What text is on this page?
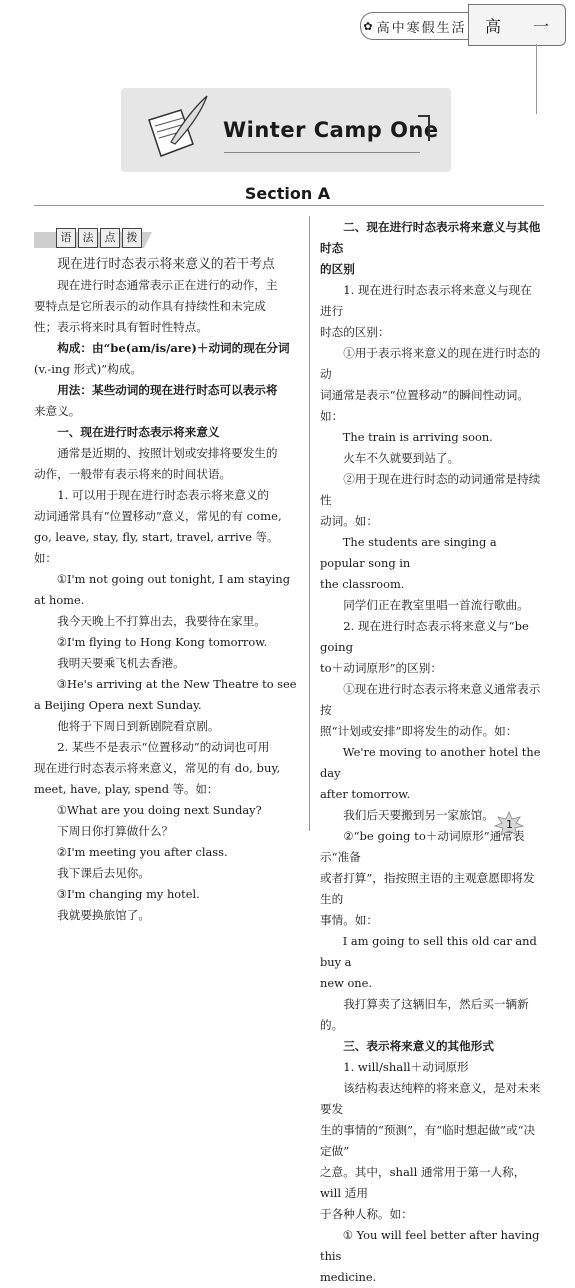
✿ 高中寒假生活 高 一
Winter Camp One
Section A
语	法	点	拨

现在进行时态表示将来意义的若干考点

现在进行时态通常表示正在进行的动作，主

要特点是它所表示的动作具有持续性和未完成

性；表示将来时具有暂时性特点。

构成：由“be(am/is/are)＋动词的现在分词

(v.-ing 形式)”构成。

用法：某些动词的现在进行时态可以表示将

来意义。

一、现在进行时态表示将来意义

通常是近期的、按照计划或安排将要发生的

动作，一般带有表示将来的时间状语。

1. 可以用于现在进行时态表示将来意义的

动词通常具有“位置移动”意义，常见的有 come,

go, leave, stay, fly, start, travel, arrive 等。如：

①I'm not going out tonight, I am staying

at home.

我今天晚上不打算出去，我要待在家里。

②I'm flying to Hong Kong tomorrow.

我明天要乘飞机去香港。

③He's arriving at the New Theatre to see

a Beijing Opera next Sunday.

他将于下周日到新剧院看京剧。

2. 某些不是表示“位置移动”的动词也可用

现在进行时态表示将来意义，常见的有 do, buy,

meet, have, play, spend 等。如：

①What are you doing next Sunday?

下周日你打算做什么？

②I'm meeting you after class.

我下课后去见你。

③I'm changing my hotel.

我就要换旅馆了。

二、现在进行时态表示将来意义与其他时态

的区别

1. 现在进行时态表示将来意义与现在进行

时态的区别：

①用于表示将来意义的现在进行时态的动

词通常是表示“位置移动”的瞬间性动词。如：

The train is arriving soon.

火车不久就要到站了。

②用于现在进行时态的动词通常是持续性

动词。如：

The students are singing a popular song in

the classroom.

同学们正在教室里唱一首流行歌曲。

2. 现在进行时态表示将来意义与“be going

to＋动词原形”的区别：

①现在进行时态表示将来意义通常表示按

照“计划或安排”即将发生的动作。如：

We're moving to another hotel the day

after tomorrow.

我们后天要搬到另一家旅馆。

②“be going to＋动词原形”通常表示“准备

或者打算”，指按照主语的主观意愿即将发生的

事情。如：

I am going to sell this old car and buy a

new one.

我打算卖了这辆旧车，然后买一辆新的。

三、表示将来意义的其他形式

1. will/shall＋动词原形

该结构表达纯粹的将来意义，是对未来要发

生的事情的“预测”，有“临时想起做”或“决定做”

之意。其中，shall 通常用于第一人称，will 适用

于各种人称。如：

① You will feel better after having this

medicine.

1
